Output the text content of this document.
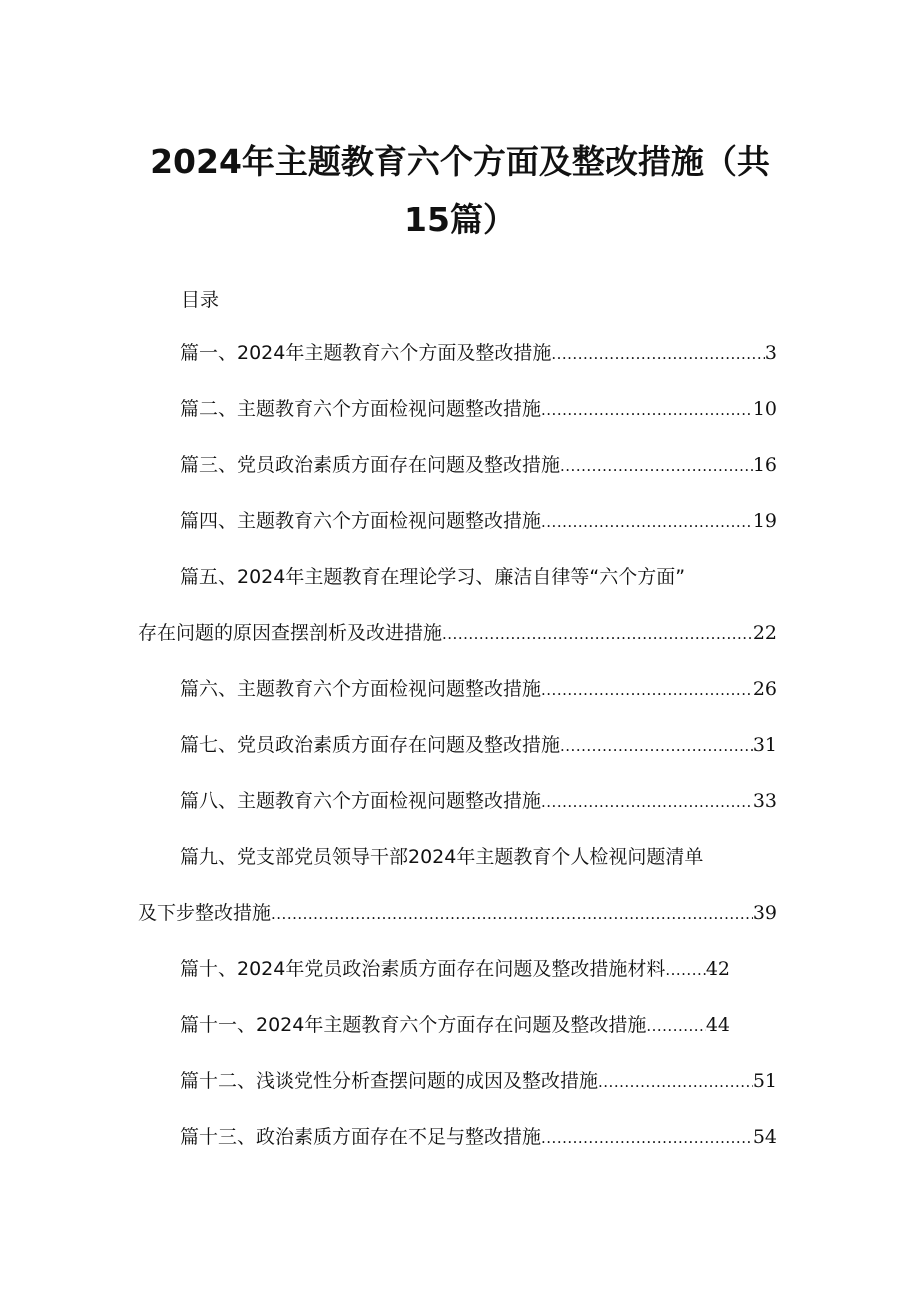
2024年主题教育六个方面及整改措施（共
15篇）
目录
篇一、2024年主题教育六个方面及整改措施 .....	3
篇二、主题教育六个方面检视问题整改措施 .....	10
篇三、党员政治素质方面存在问题及整改措施 .....	16
篇四、主题教育六个方面检视问题整改措施 .....	19
篇五、2024年主题教育在理论学习、廉洁自律等“六个方面”
存在问题的原因查摆剖析及改进措施 .....	22
篇六、主题教育六个方面检视问题整改措施 .....	26
篇七、党员政治素质方面存在问题及整改措施 .....	31
篇八、主题教育六个方面检视问题整改措施 .....	33
篇九、党支部党员领导干部2024年主题教育个人检视问题清单
及下步整改措施 .....	39
篇十、2024年党员政治素质方面存在问题及整改措施材料 ..... 42
篇十一、2024年主题教育六个方面存在问题及整改措施 .....	44
篇十二、浅谈党性分析查摆问题的成因及整改措施 .....	51
篇十三、政治素质方面存在不足与整改措施 .....	54
